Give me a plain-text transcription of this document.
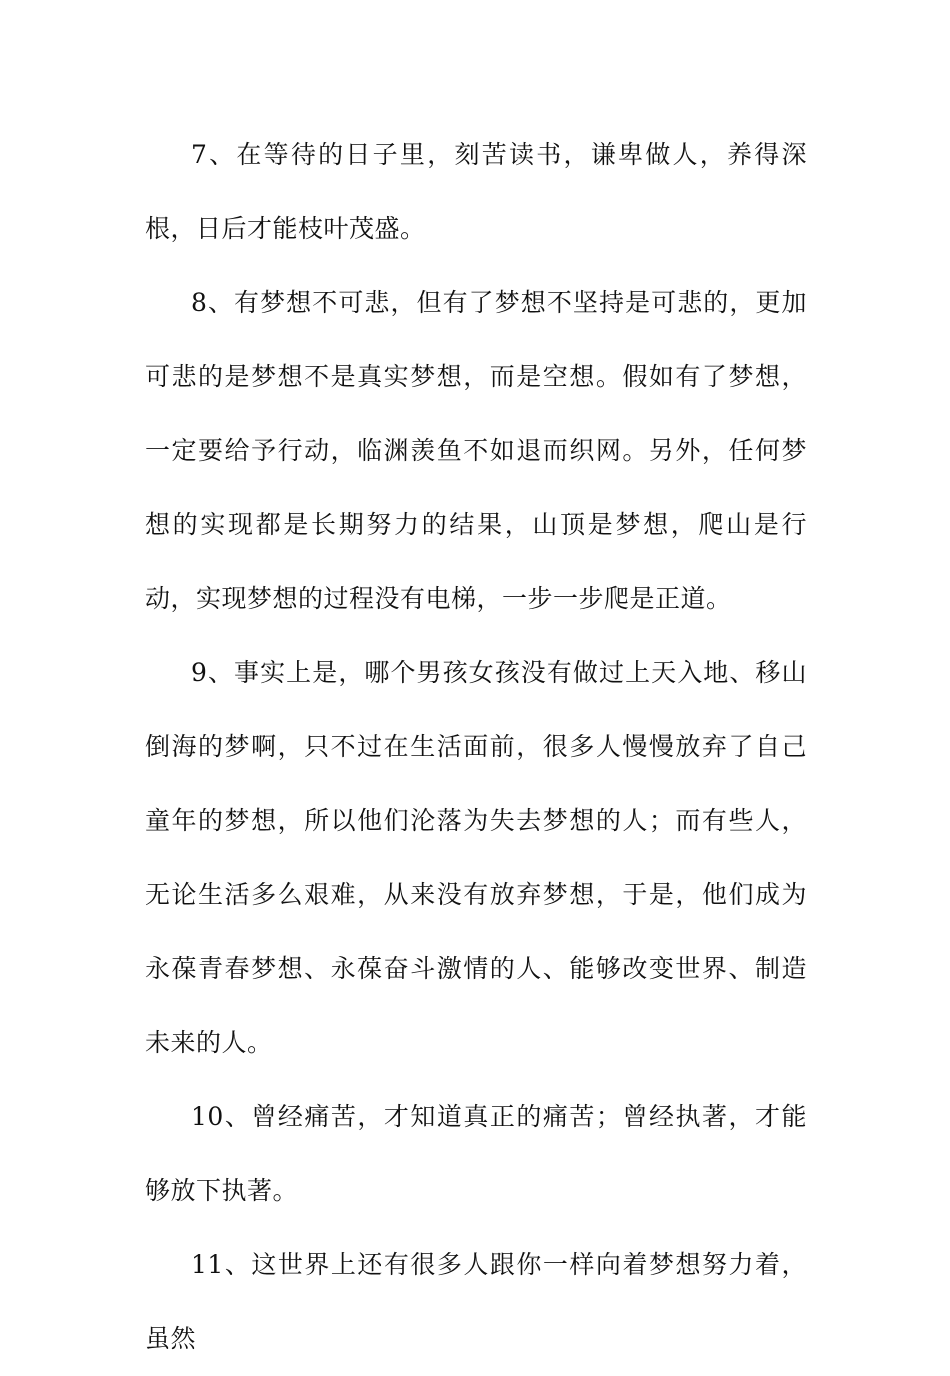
7、在等待的日子里，刻苦读书，谦卑做人，养得深根，日后才能枝叶茂盛。

8、有梦想不可悲，但有了梦想不坚持是可悲的，更加可悲的是梦想不是真实梦想，而是空想。假如有了梦想，一定要给予行动，临渊羡鱼不如退而织网。另外，任何梦想的实现都是长期努力的结果，山顶是梦想，爬山是行动，实现梦想的过程没有电梯，一步一步爬是正道。

9、事实上是，哪个男孩女孩没有做过上天入地、移山倒海的梦啊，只不过在生活面前，很多人慢慢放弃了自己童年的梦想，所以他们沦落为失去梦想的人；而有些人，无论生活多么艰难，从来没有放弃梦想，于是，他们成为永葆青春梦想、永葆奋斗激情的人、能够改变世界、制造未来的人。

10、曾经痛苦，才知道真正的痛苦；曾经执著，才能够放下执著。

11、这世界上还有很多人跟你一样向着梦想努力着，虽然
